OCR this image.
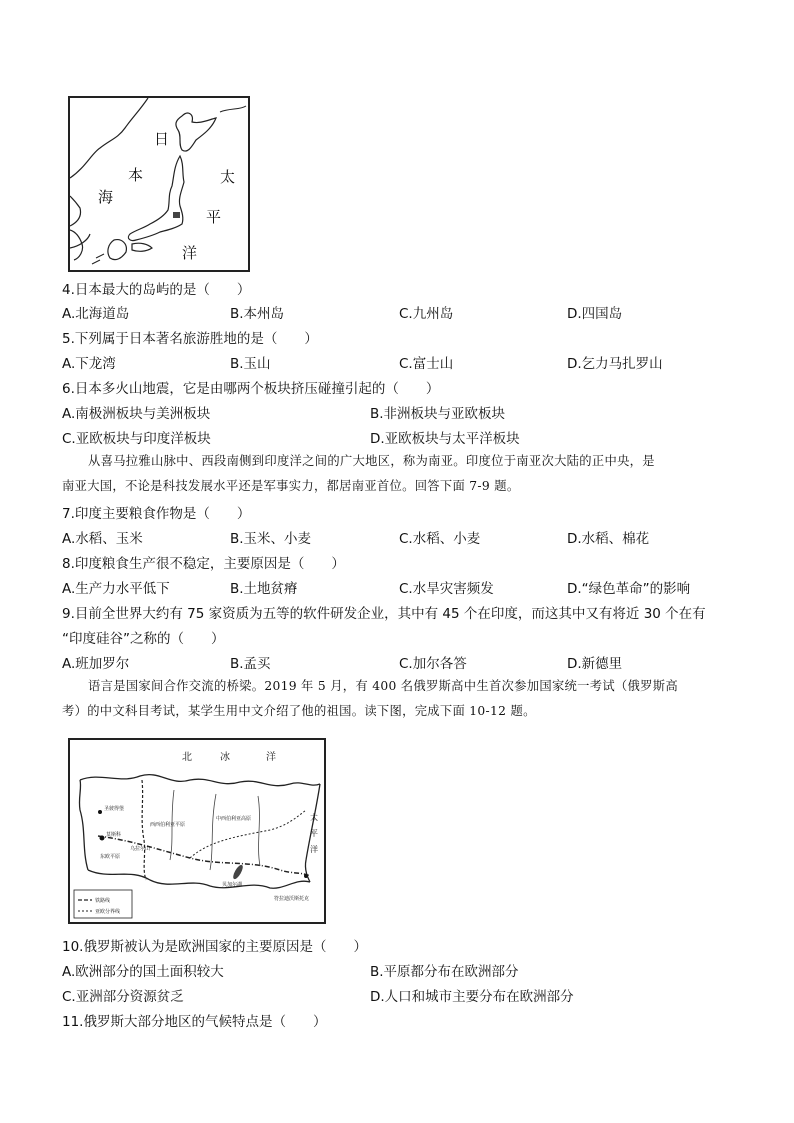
日
本
海
太
平
洋
4.日本最大的岛屿的是（　　）
A.北海道岛	B.本州岛	C.九州岛	D.四国岛
5.下列属于日本著名旅游胜地的是（　　）
A.下龙湾	B.玉山	C.富士山	D.乞力马扎罗山
6.日本多火山地震，它是由哪两个板块挤压碰撞引起的（　　）
A.南极洲板块与美洲板块	B.非洲板块与亚欧板块
C.亚欧板块与印度洋板块	D.亚欧板块与太平洋板块
从喜马拉雅山脉中、西段南侧到印度洋之间的广大地区，称为南亚。印度位于南亚次大陆的正中央，是
南亚大国，不论是科技发展水平还是军事实力，都居南亚首位。回答下面 7-9 题。
7.印度主要粮食作物是（　　）
A.水稻、玉米	B.玉米、小麦	C.水稻、小麦	D.水稻、棉花
8.印度粮食生产很不稳定，主要原因是（　　）
A.生产力水平低下	B.土地贫瘠	C.水旱灾害频发	D.“绿色革命”的影响
9.目前全世界大约有 75 家资质为五等的软件研发企业，其中有 45 个在印度，而这其中又有将近 30 个在有
“印度硅谷”之称的（　　）
A.班加罗尔	B.孟买	C.加尔各答	D.新德里
语言是国家间合作交流的桥梁。2019 年 5 月，有 400 名俄罗斯高中生首次参加国家统一考试（俄罗斯高
考）的中文科目考试，某学生用中文介绍了他的祖国。读下图，完成下面 10-12 题。
铁路线
亚欧分界线
北	冰	洋
太
平
洋
莫斯科
圣彼得堡
东欧平原
西西伯利亚平原
中西伯利亚高原
乌拉尔山
贝加尔湖
符拉迪沃斯托克
10.俄罗斯被认为是欧洲国家的主要原因是（　　）
A.欧洲部分的国土面积较大	B.平原都分布在欧洲部分
C.亚洲部分资源贫乏	D.人口和城市主要分布在欧洲部分
11.俄罗斯大部分地区的气候特点是（　　）
